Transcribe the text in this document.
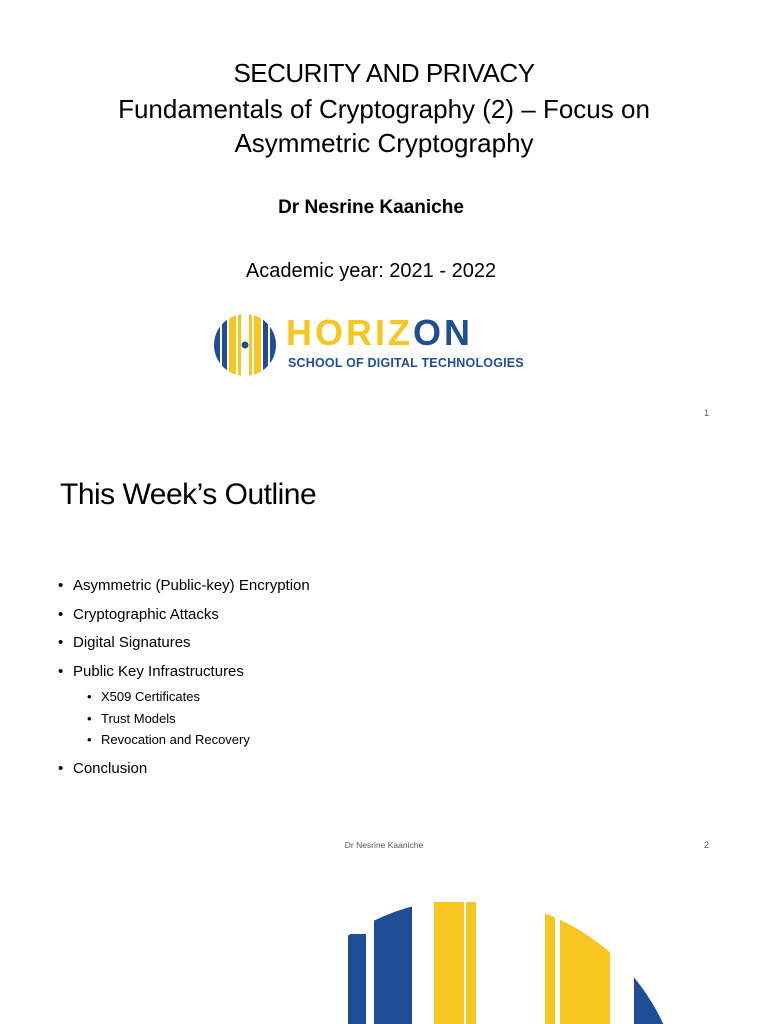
SECURITY AND PRIVACY
Fundamentals of Cryptography (2) – Focus on
Asymmetric Cryptography
Dr Nesrine Kaaniche
Academic year: 2021 - 2022
HORIZON
SCHOOL OF DIGITAL TECHNOLOGIES
1
This Week’s Outline
• Asymmetric (Public-key) Encryption
• Cryptographic Attacks
• Digital Signatures
• Public Key Infrastructures
• X509 Certificates
• Trust Models
• Revocation and Recovery
• Conclusion
Dr Nesrine Kaaniche	2
